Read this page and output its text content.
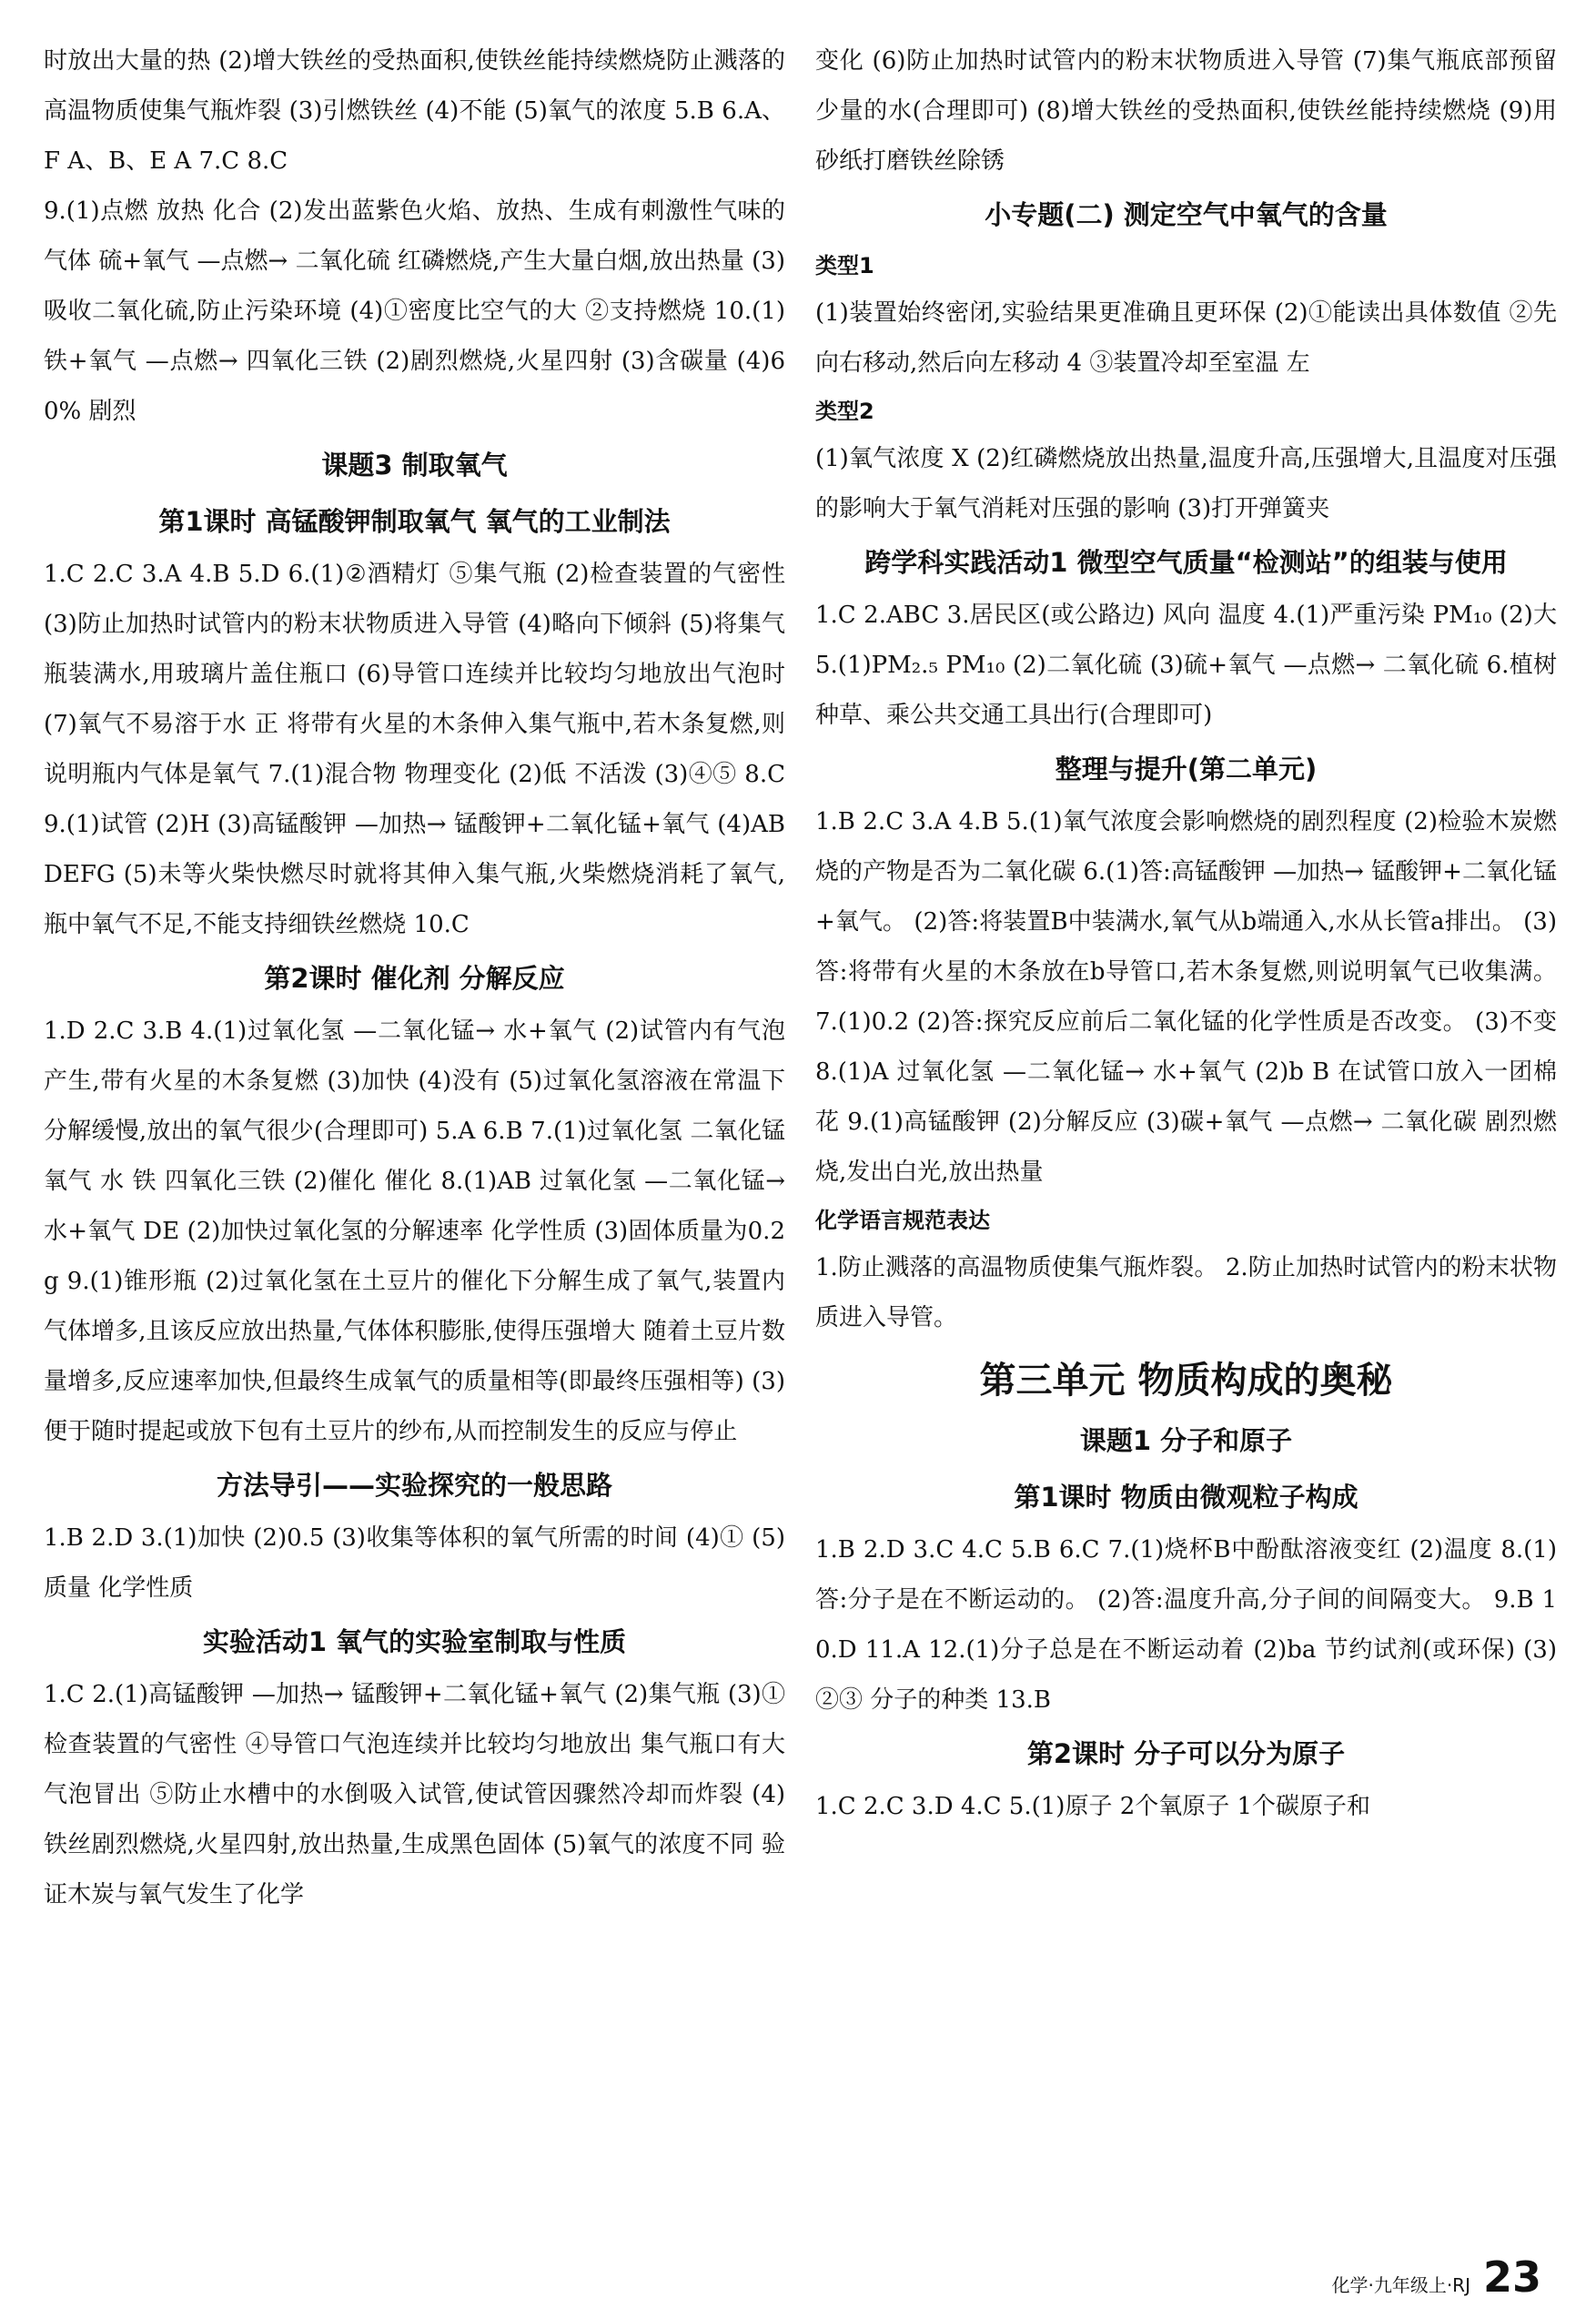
时放出大量的热 (2)增大铁丝的受热面积,使铁丝能持续燃烧防止溅落的高温物质使集气瓶炸裂 (3)引燃铁丝 (4)不能 (5)氧气的浓度 5.B 6.A、F A、B、E A 7.C 8.C

9.(1)点燃 放热 化合 (2)发出蓝紫色火焰、放热、生成有刺激性气味的气体 硫+氧气 —点燃→ 二氧化硫 红磷燃烧,产生大量白烟,放出热量 (3)吸收二氧化硫,防止污染环境 (4)①密度比空气的大 ②支持燃烧 10.(1)铁+氧气 —点燃→ 四氧化三铁 (2)剧烈燃烧,火星四射 (3)含碳量 (4)60% 剧烈

课题3 制取氧气
第1课时 高锰酸钾制取氧气 氧气的工业制法

1.C 2.C 3.A 4.B 5.D 6.(1)②酒精灯 ⑤集气瓶 (2)检查装置的气密性 (3)防止加热时试管内的粉末状物质进入导管 (4)略向下倾斜 (5)将集气瓶装满水,用玻璃片盖住瓶口 (6)导管口连续并比较均匀地放出气泡时 (7)氧气不易溶于水 正 将带有火星的木条伸入集气瓶中,若木条复燃,则说明瓶内气体是氧气 7.(1)混合物 物理变化 (2)低 不活泼 (3)④⑤ 8.C 9.(1)试管 (2)H (3)高锰酸钾 —加热→ 锰酸钾+二氧化锰+氧气 (4)ABDEFG (5)未等火柴快燃尽时就将其伸入集气瓶,火柴燃烧消耗了氧气,瓶中氧气不足,不能支持细铁丝燃烧 10.C

第2课时 催化剂 分解反应

1.D 2.C 3.B 4.(1)过氧化氢 —二氧化锰→ 水+氧气 (2)试管内有气泡产生,带有火星的木条复燃 (3)加快 (4)没有 (5)过氧化氢溶液在常温下分解缓慢,放出的氧气很少(合理即可) 5.A 6.B 7.(1)过氧化氢 二氧化锰 氧气 水 铁 四氧化三铁 (2)催化 催化 8.(1)AB 过氧化氢 —二氧化锰→ 水+氧气 DE (2)加快过氧化氢的分解速率 化学性质 (3)固体质量为0.2 g 9.(1)锥形瓶 (2)过氧化氢在土豆片的催化下分解生成了氧气,装置内气体增多,且该反应放出热量,气体体积膨胀,使得压强增大 随着土豆片数量增多,反应速率加快,但最终生成氧气的质量相等(即最终压强相等) (3)便于随时提起或放下包有土豆片的纱布,从而控制发生的反应与停止

方法导引——实验探究的一般思路

1.B 2.D 3.(1)加快 (2)0.5 (3)收集等体积的氧气所需的时间 (4)① (5)质量 化学性质

实验活动1 氧气的实验室制取与性质

1.C 2.(1)高锰酸钾 —加热→ 锰酸钾+二氧化锰+氧气 (2)集气瓶 (3)①检查装置的气密性 ④导管口气泡连续并比较均匀地放出 集气瓶口有大气泡冒出 ⑤防止水槽中的水倒吸入试管,使试管因骤然冷却而炸裂 (4)铁丝剧烈燃烧,火星四射,放出热量,生成黑色固体 (5)氧气的浓度不同 验证木炭与氧气发生了化学

变化 (6)防止加热时试管内的粉末状物质进入导管 (7)集气瓶底部预留少量的水(合理即可) (8)增大铁丝的受热面积,使铁丝能持续燃烧 (9)用砂纸打磨铁丝除锈

小专题(二) 测定空气中氧气的含量
类型1

(1)装置始终密闭,实验结果更准确且更环保 (2)①能读出具体数值 ②先向右移动,然后向左移动 4 ③装置冷却至室温 左

类型2

(1)氧气浓度 X (2)红磷燃烧放出热量,温度升高,压强增大,且温度对压强的影响大于氧气消耗对压强的影响 (3)打开弹簧夹

跨学科实践活动1 微型空气质量“检测站”的组装与使用

1.C 2.ABC 3.居民区(或公路边) 风向 温度 4.(1)严重污染 PM₁₀ (2)大 5.(1)PM₂.₅ PM₁₀ (2)二氧化硫 (3)硫+氧气 —点燃→ 二氧化硫 6.植树种草、乘公共交通工具出行(合理即可)

整理与提升(第二单元)

1.B 2.C 3.A 4.B 5.(1)氧气浓度会影响燃烧的剧烈程度 (2)检验木炭燃烧的产物是否为二氧化碳 6.(1)答:高锰酸钾 —加热→ 锰酸钾+二氧化锰+氧气。 (2)答:将装置B中装满水,氧气从b端通入,水从长管a排出。 (3)答:将带有火星的木条放在b导管口,若木条复燃,则说明氧气已收集满。 7.(1)0.2 (2)答:探究反应前后二氧化锰的化学性质是否改变。 (3)不变 8.(1)A 过氧化氢 —二氧化锰→ 水+氧气 (2)b B 在试管口放入一团棉花 9.(1)高锰酸钾 (2)分解反应 (3)碳+氧气 —点燃→ 二氧化碳 剧烈燃烧,发出白光,放出热量

化学语言规范表达

1.防止溅落的高温物质使集气瓶炸裂。 2.防止加热时试管内的粉末状物质进入导管。

第三单元 物质构成的奥秘
课题1 分子和原子
第1课时 物质由微观粒子构成

1.B 2.D 3.C 4.C 5.B 6.C 7.(1)烧杯B中酚酞溶液变红 (2)温度 8.(1)答:分子是在不断运动的。 (2)答:温度升高,分子间的间隔变大。 9.B 10.D 11.A 12.(1)分子总是在不断运动着 (2)ba 节约试剂(或环保) (3)②③ 分子的种类 13.B

第2课时 分子可以分为原子

1.C 2.C 3.D 4.C 5.(1)原子 2个氧原子 1个碳原子和

化学·九年级上·RJ 23
